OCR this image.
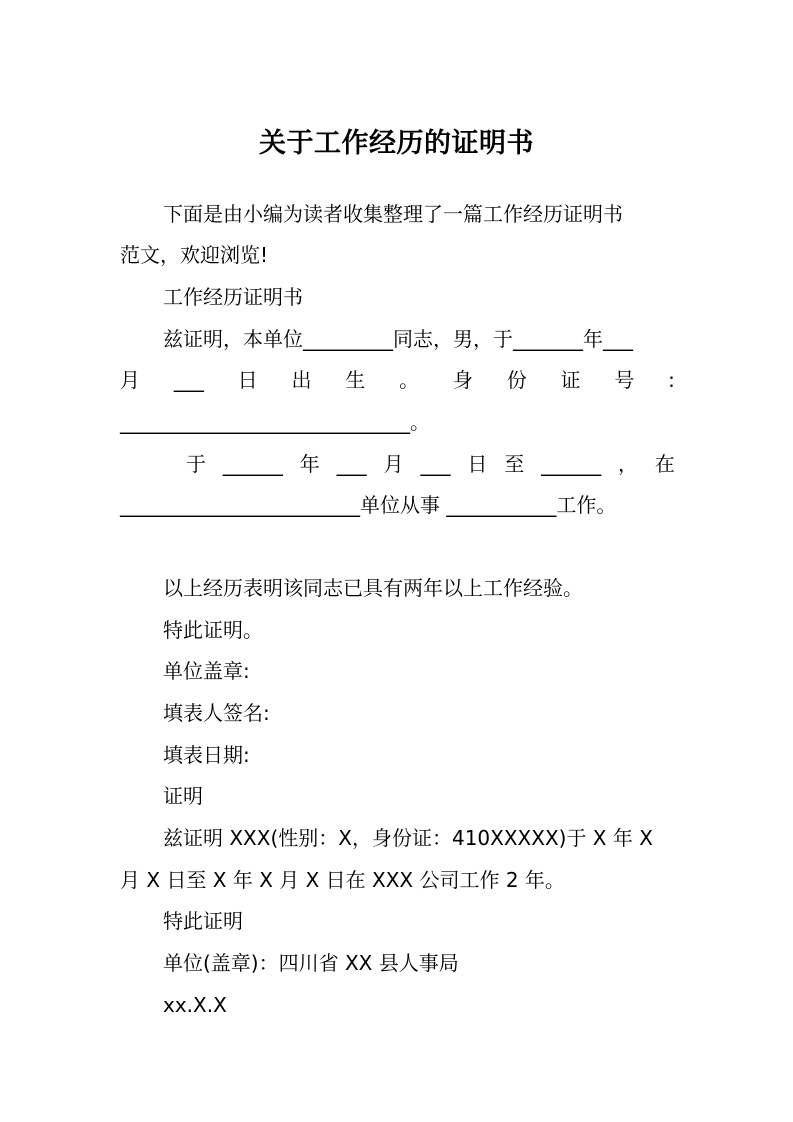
关于工作经历的证明书
下面是由小编为读者收集整理了一篇工作经历证明书
范文，欢迎浏览!
工作经历证明书
兹证明，本单位_________同志，男，于_______年___
月 ___ 日 出 生 。 身 份 证 号 :
_____________________________。
于 ______ 年 ___ 月 ___ 日 至 ______ ， 在
________________________单位从事 ___________工作。
以上经历表明该同志已具有两年以上工作经验。
特此证明。
单位盖章:
填表人签名:
填表日期:
证明
兹证明 XXX(性别：X，身份证：410XXXXX)于 X 年 X
月 X 日至 X 年 X 月 X 日在 XXX 公司工作 2 年。
特此证明
单位(盖章)：四川省 XX 县人事局
xx.X.X
